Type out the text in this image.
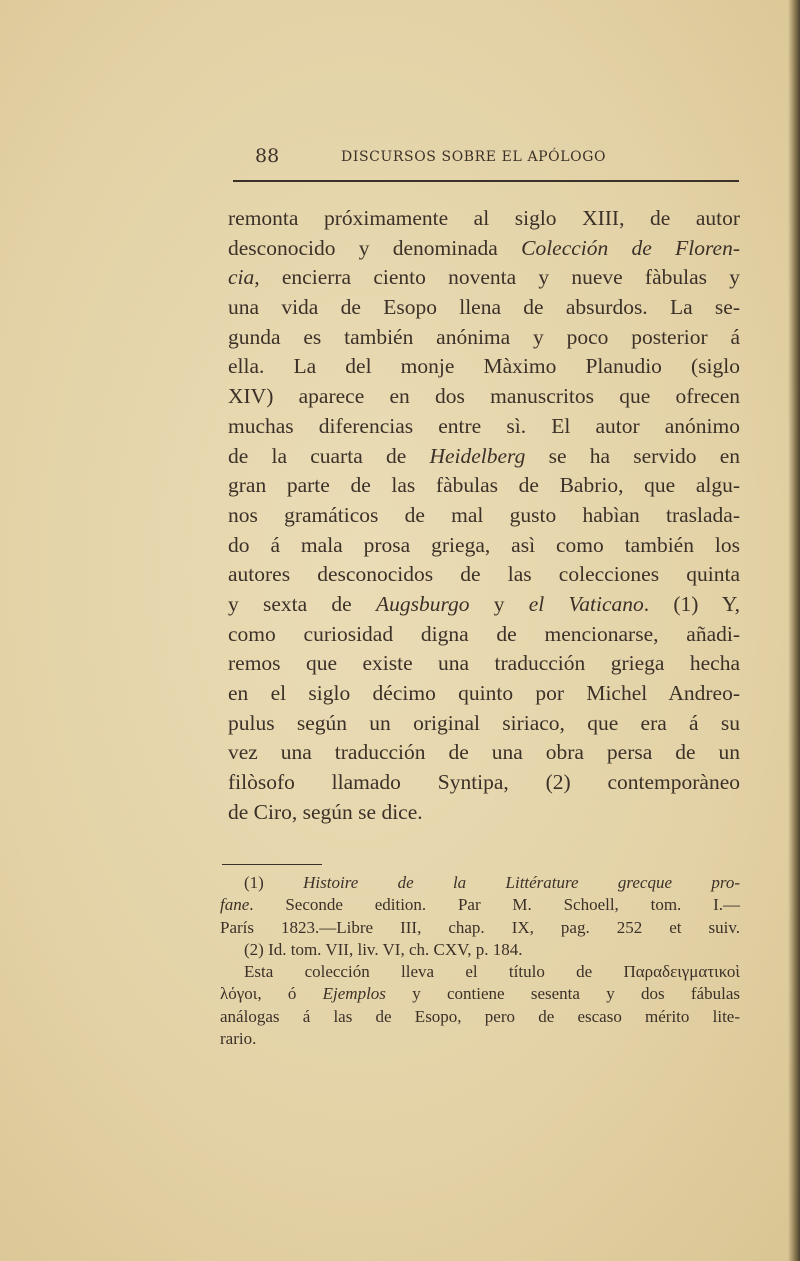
88	DISCURSOS SOBRE EL APÓLOGO
remonta próximamente al siglo XIII, de autor
desconocido y denominada Colección de Floren-
cia, encierra ciento noventa y nueve fàbulas y
una vida de Esopo llena de absurdos. La se-
gunda es también anónima y poco posterior á
ella. La del monje Màximo Planudio (siglo
XIV) aparece en dos manuscritos que ofrecen
muchas diferencias entre sì. El autor anónimo
de la cuarta de Heidelberg se ha servido en
gran parte de las fàbulas de Babrio, que algu-
nos gramáticos de mal gusto habìan traslada-
do á mala prosa griega, asì como también los
autores desconocidos de las colecciones quinta
y sexta de Augsburgo y el Vaticano. (1) Y,
como curiosidad digna de mencionarse, añadi-
remos que existe una traducción griega hecha
en el siglo décimo quinto por Michel Andreo-
pulus según un original siriaco, que era á su
vez una traducción de una obra persa de un
filòsofo llamado Syntipa, (2) contemporàneo
de Ciro, según se dice.
(1) Histoire de la Littérature grecque pro-
fane. Seconde edition. Par M. Schoell, tom. I.—
París 1823.—Libre III, chap. IX, pag. 252 et suiv.
(2) Id. tom. VII, liv. VI, ch. CXV, p. 184.
Esta colección lleva el título de Παραδειγματικοὶ
λόγοι, ó Ejemplos y contiene sesenta y dos fábulas
análogas á las de Esopo, pero de escaso mérito lite-
rario.
